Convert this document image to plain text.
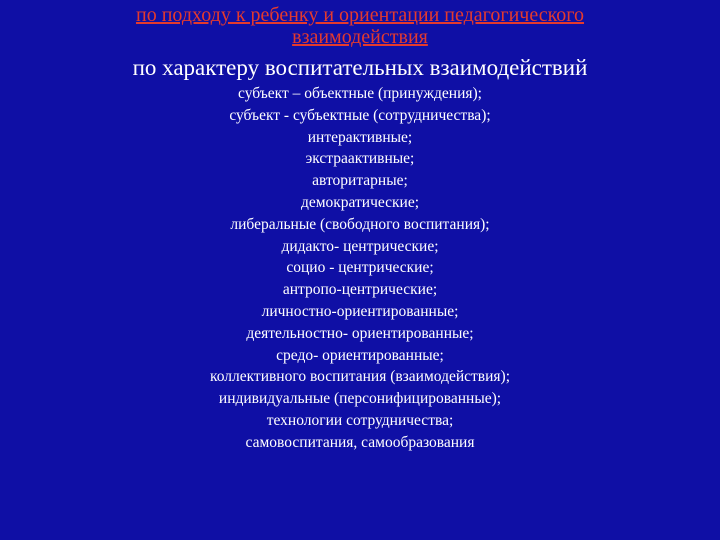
по подходу к ребенку и ориентации педагогического
взаимодействия
по характеру воспитательных взаимодействий
субъект – объектные (принуждения);
субъект - субъектные (сотрудничества);
интерактивные;
экстраактивные;
авторитарные;
демократические;
либеральные (свободного воспитания);
дидакто- центрические;
социо - центрические;
антропо-центрические;
личностно-ориентированные;
деятельностно- ориентированные;
средо- ориентированные;
коллективного воспитания (взаимодействия);
индивидуальные (персонифицированные);
технологии сотрудничества;
самовоспитания, самообразования
